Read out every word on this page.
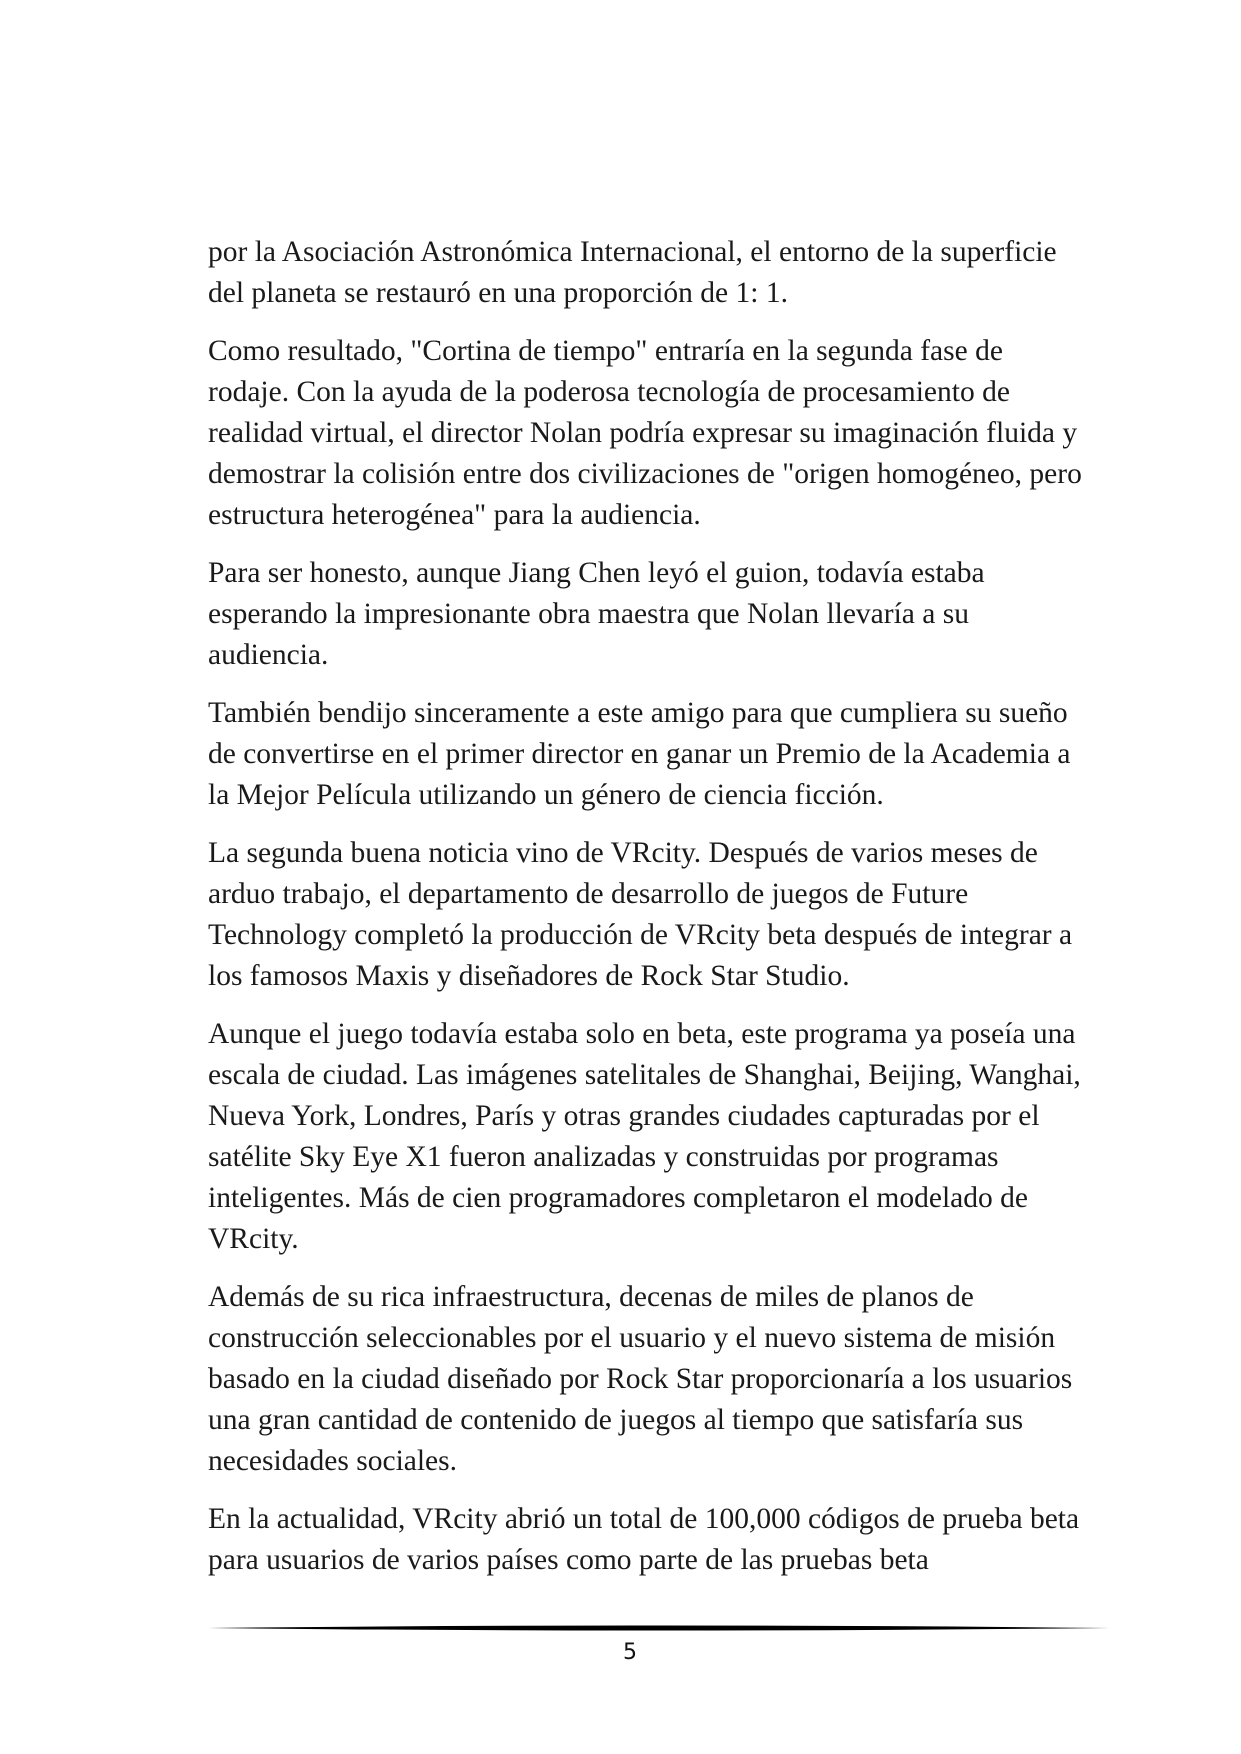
por la Asociación Astronómica Internacional, el entorno de la superficie del planeta se restauró en una proporción de 1: 1.

Como resultado, "Cortina de tiempo" entraría en la segunda fase de rodaje. Con la ayuda de la poderosa tecnología de procesamiento de realidad virtual, el director Nolan podría expresar su imaginación fluida y demostrar la colisión entre dos civilizaciones de "origen homogéneo, pero estructura heterogénea" para la audiencia.

Para ser honesto, aunque Jiang Chen leyó el guion, todavía estaba esperando la impresionante obra maestra que Nolan llevaría a su audiencia.

También bendijo sinceramente a este amigo para que cumpliera su sueño de convertirse en el primer director en ganar un Premio de la Academia a la Mejor Película utilizando un género de ciencia ficción.

La segunda buena noticia vino de VRcity. Después de varios meses de arduo trabajo, el departamento de desarrollo de juegos de Future Technology completó la producción de VRcity beta después de integrar a los famosos Maxis y diseñadores de Rock Star Studio.

Aunque el juego todavía estaba solo en beta, este programa ya poseía una escala de ciudad. Las imágenes satelitales de Shanghai, Beijing, Wanghai, Nueva York, Londres, París y otras grandes ciudades capturadas por el satélite Sky Eye X1 fueron analizadas y construidas por programas inteligentes. Más de cien programadores completaron el modelado de VRcity.

Además de su rica infraestructura, decenas de miles de planos de construcción seleccionables por el usuario y el nuevo sistema de misión basado en la ciudad diseñado por Rock Star proporcionaría a los usuarios una gran cantidad de contenido de juegos al tiempo que satisfaría sus necesidades sociales.

En la actualidad, VRcity abrió un total de 100,000 códigos de prueba beta para usuarios de varios países como parte de las pruebas beta

5
